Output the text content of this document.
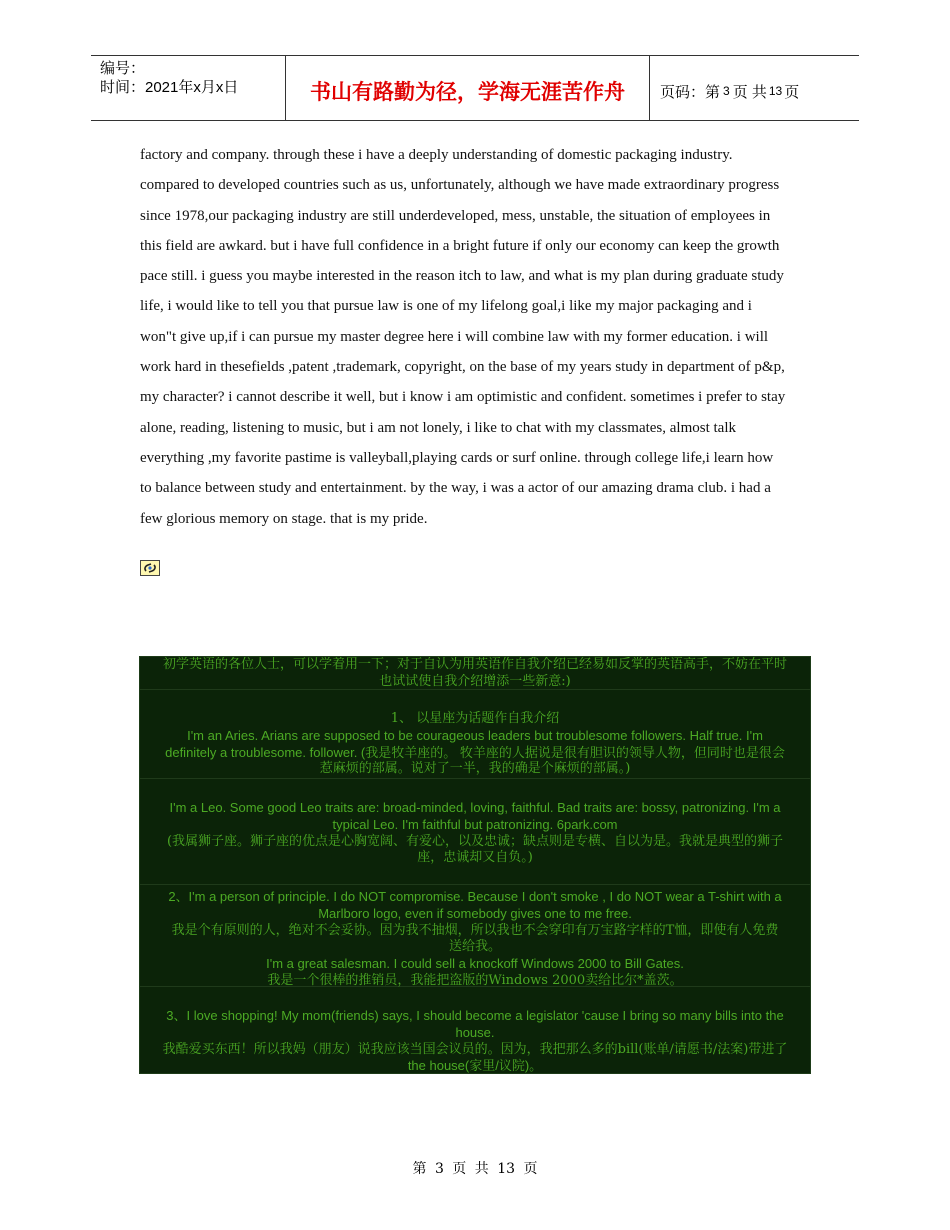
编号：
时间：2021年x月x日	书山有路勤为径，学海无涯苦作舟	页码：第 3 页 共 13 页

factory and company. through these i have a deeply understanding of domestic packaging industry.

compared to developed countries such as us, unfortunately, although we have made extraordinary progress

since 1978,our packaging industry are still underdeveloped, mess, unstable, the situation of employees in

this field are awkard. but i have full confidence in a bright future if only our economy can keep the growth

pace still. i guess you maybe interested in the reason itch to law, and what is my plan during graduate study

life, i would like to tell you that pursue law is one of my lifelong goal,i like my major packaging and i

won"t give up,if i can pursue my master degree here i will combine law with my former education. i will

work hard in thesefields ,patent ,trademark, copyright, on the base of my years study in department of p&p,

my character? i cannot describe it well, but i know i am optimistic and confident. sometimes i prefer to stay

alone, reading, listening to music, but i am not lonely, i like to chat with my classmates, almost talk

everything ,my favorite pastime is valleyball,playing cards or surf online. through college life,i learn how

to balance between study and entertainment. by the way, i was a actor of our amazing drama club. i had a

few glorious memory on stage. that is my pride.

初学英语的各位人士，可以学着用一下；对于自认为用英语作自我介绍已经易如反掌的英语高手，不妨在平时
也试试使自我介绍增添一些新意:)
1、 以星座为话题作自我介绍
I'm an Aries. Arians are supposed to be courageous leaders but troublesome followers. Half true. I'm
definitely a troublesome. follower. (我是牧羊座的。 牧羊座的人据说是很有胆识的领导人物，但同时也是很会
惹麻烦的部属。说对了一半，我的确是个麻烦的部属。)
I'm a Leo. Some good Leo traits are: broad-minded, loving, faithful. Bad traits are: bossy, patronizing. I'm a
typical Leo. I'm faithful but patronizing. 6park.com
(我属狮子座。狮子座的优点是心胸宽阔、有爱心，以及忠诚；缺点则是专横、自以为是。我就是典型的狮子
座，忠诚却又自负。)
2、I'm a person of principle. I do NOT compromise. Because I don't smoke , I do NOT wear a T-shirt with a
Marlboro logo, even if somebody gives one to me free.
我是个有原则的人，绝对不会妥协。因为我不抽烟，所以我也不会穿印有万宝路字样的T恤，即使有人免费
送给我。
I'm a great salesman. I could sell a knockoff Windows 2000 to Bill Gates.
我是一个很棒的推销员，我能把盗版的Windows 2000卖给比尔*盖茨。
3、I love shopping! My mom(friends) says, I should become a legislator 'cause I bring so many bills into the
house.
我酷爱买东西！所以我妈（朋友）说我应该当国会议员的。因为，我把那么多的bill(账单/请愿书/法案)带进了
the house(家里/议院)。
第 3 页 共 13 页
